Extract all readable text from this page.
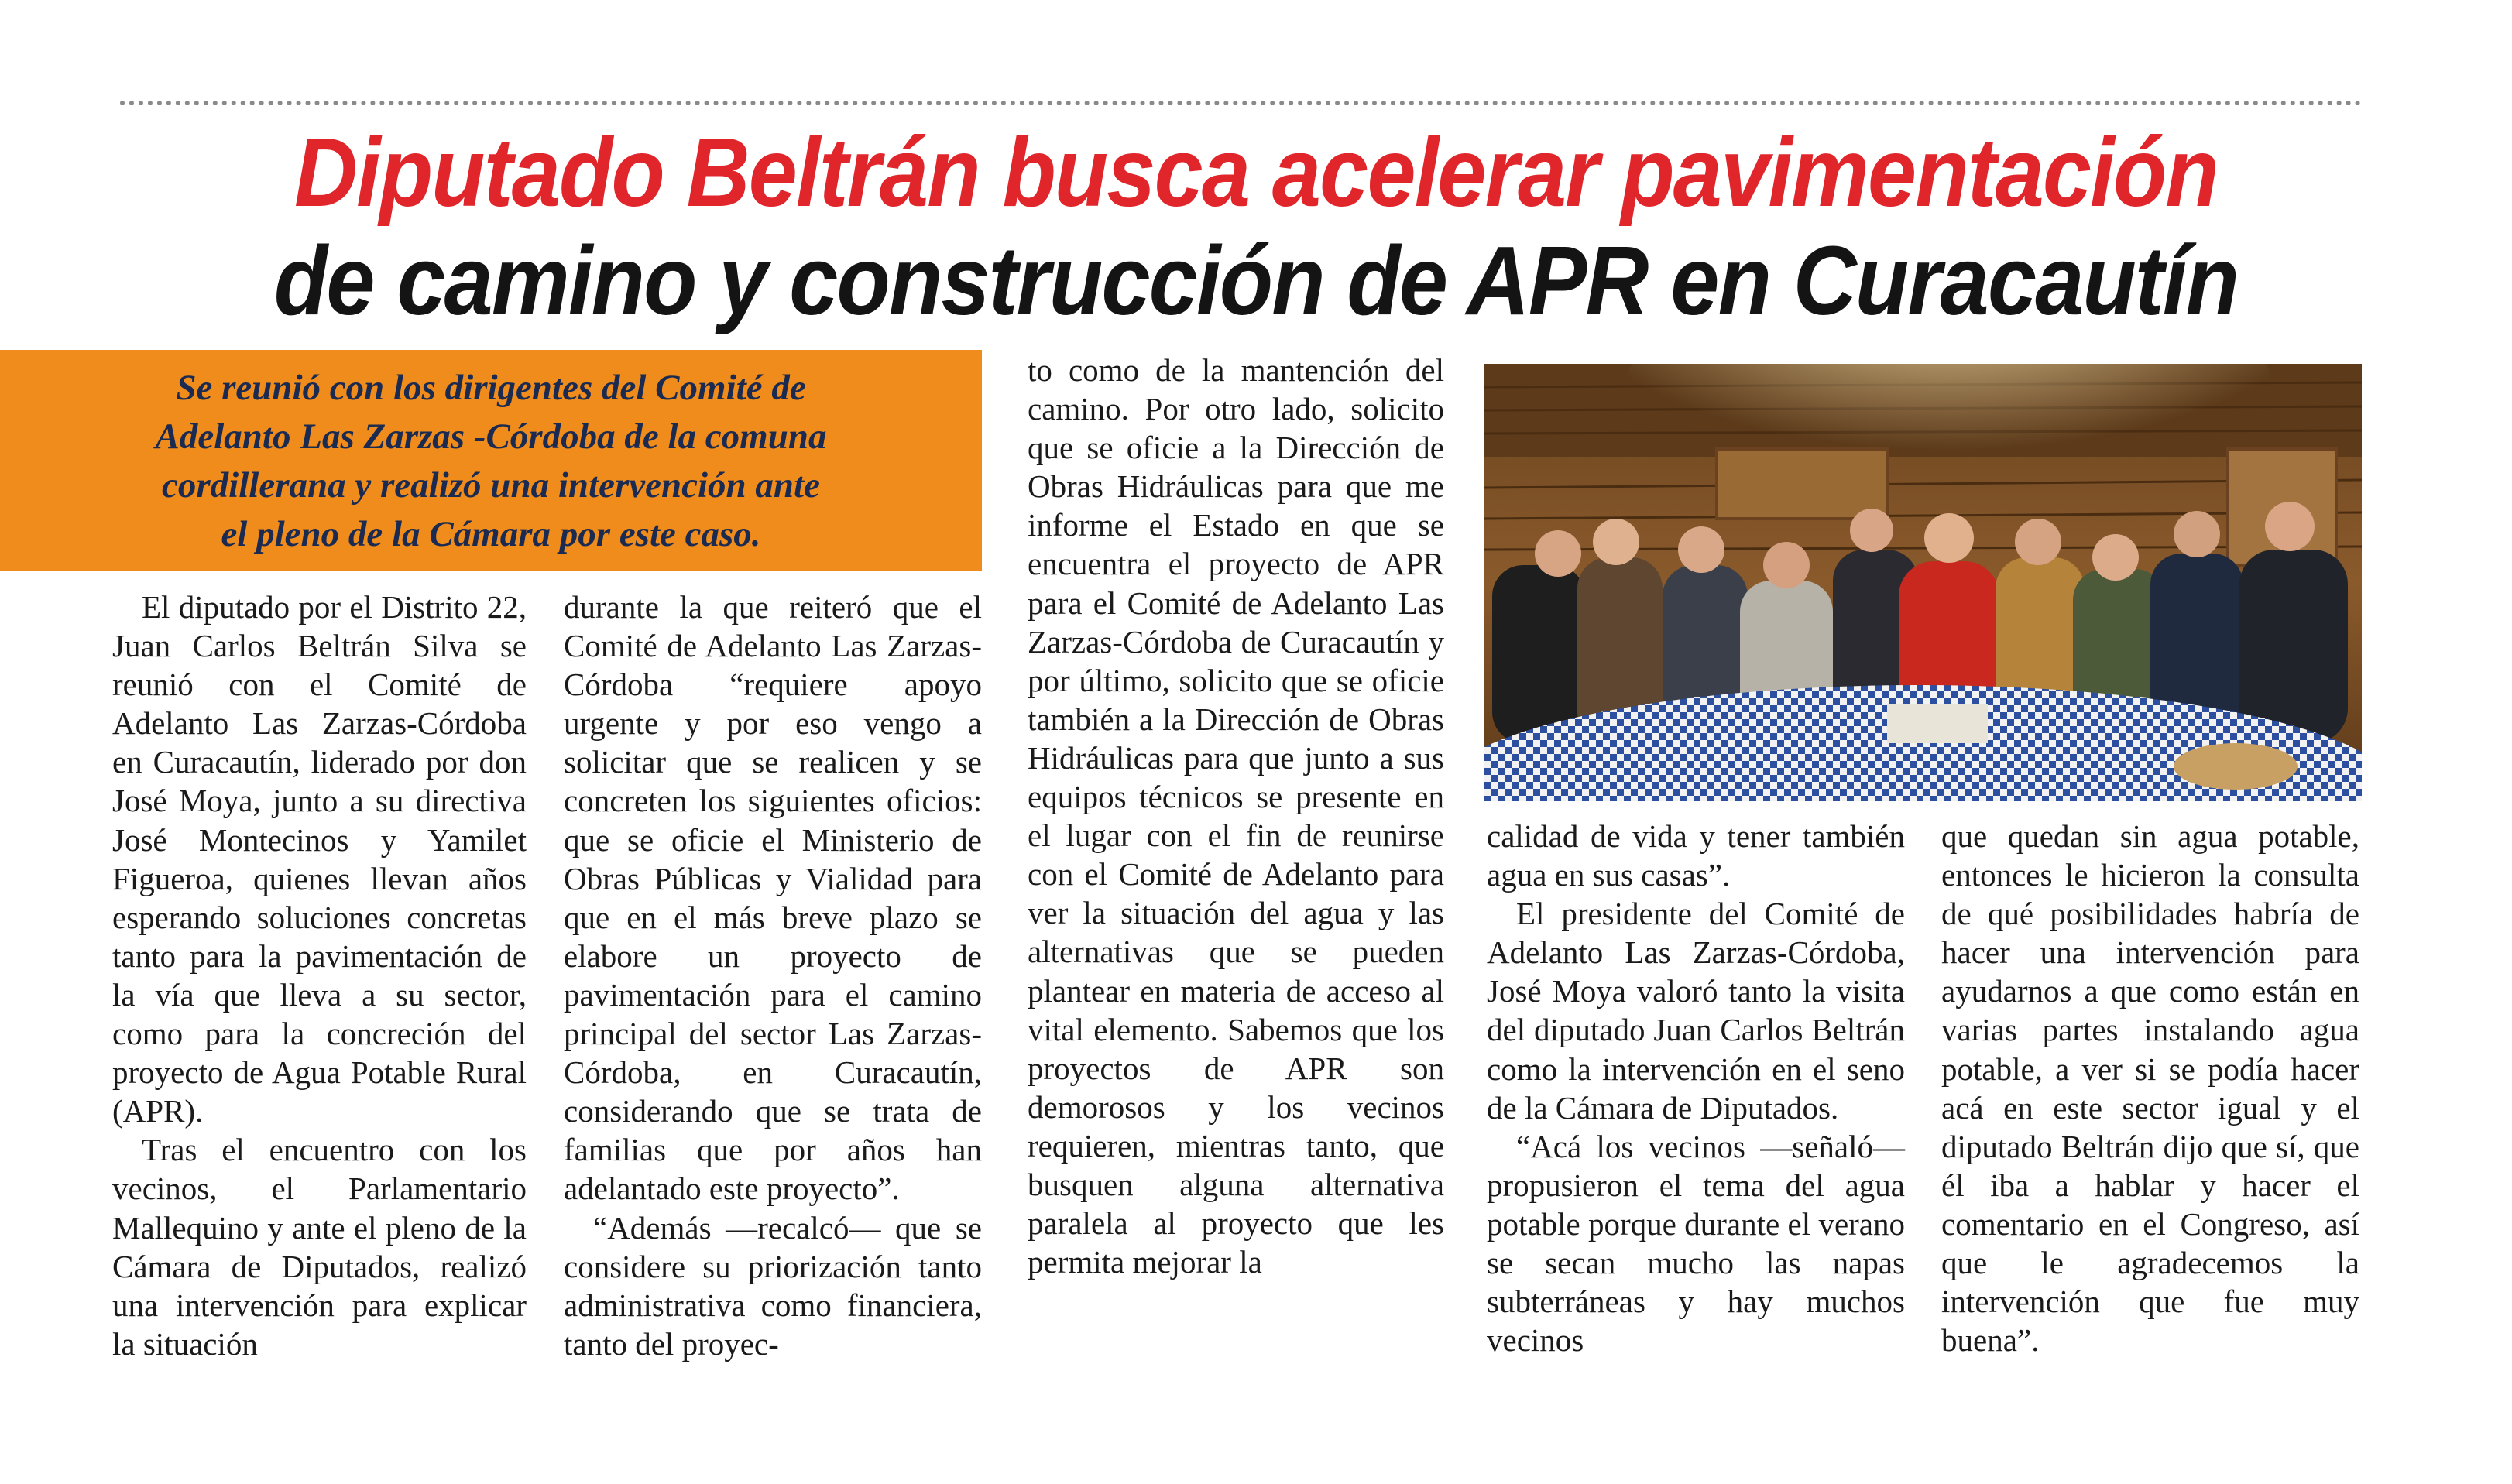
Diputado Beltrán busca acelerar pavimentación
de camino y construcción de APR en Curacautín

Se reunió con los dirigentes del Comité de

Adelanto Las Zarzas -Córdoba de la comuna

cordillerana y realizó una intervención ante

el pleno de la Cámara por este caso.

El diputado por el Distrito 22, Juan Carlos Beltrán Silva se reunió con el Comité de Adelanto Las Zarzas-Córdoba en Curacautín, liderado por don José Moya, junto a su directiva José Montecinos y Yamilet Figueroa, quienes llevan años esperando soluciones concretas tanto para la pavimentación de la vía que lleva a su sector, como para la concreción del proyecto de Agua Potable Rural (APR).

Tras el encuentro con los vecinos, el Parlamentario Mallequino y ante el pleno de la Cámara de Diputados, realizó una intervención para explicar la situación

durante la que reiteró que el Comité de Adelanto Las Zarzas-Córdoba “requiere apoyo urgente y por eso vengo a solicitar que se realicen y se concreten los siguientes oficios: que se oficie el Ministerio de Obras Públicas y Vialidad para que en el más breve plazo se elabore un proyecto de pavimentación para el camino principal del sector Las Zarzas-Córdoba, en Curacautín, considerando que se trata de familias que por años han adelantado este proyecto”.

“Además —recalcó— que se considere su priorización tanto administrativa como financiera, tanto del proyec-

to como de la mantención del camino. Por otro lado, solicito que se oficie a la Dirección de Obras Hidráulicas para que me informe el Estado en que se encuentra el proyecto de APR para el Comité de Adelanto Las Zarzas-Córdoba de Curacautín y por último, solicito que se oficie también a la Dirección de Obras Hidráulicas para que junto a sus equipos técnicos se presente en el lugar con el fin de reunirse con el Comité de Adelanto para ver la situación del agua y las alternativas que se pueden plantear en materia de acceso al vital elemento. Sabemos que los proyectos de APR son demorosos y los vecinos requieren, mientras tanto, que busquen alguna alternativa paralela al proyecto que les permita mejorar la

calidad de vida y tener también agua en sus casas”.

El presidente del Comité de Adelanto Las Zarzas-Córdoba, José Moya valoró tanto la visita del diputado Juan Carlos Beltrán como la intervención en el seno de la Cámara de Diputados.

“Acá los vecinos —señaló— propusieron el tema del agua potable porque durante el verano se secan mucho las napas subterráneas y hay muchos vecinos

que quedan sin agua potable, entonces le hicieron la consulta de qué posibilidades habría de hacer una intervención para ayudarnos a que como están en varias partes instalando agua potable, a ver si se podía hacer acá en este sector igual y el diputado Beltrán dijo que sí, que él iba a hablar y hacer el comentario en el Congreso, así que le agradecemos la intervención que fue muy buena”.
